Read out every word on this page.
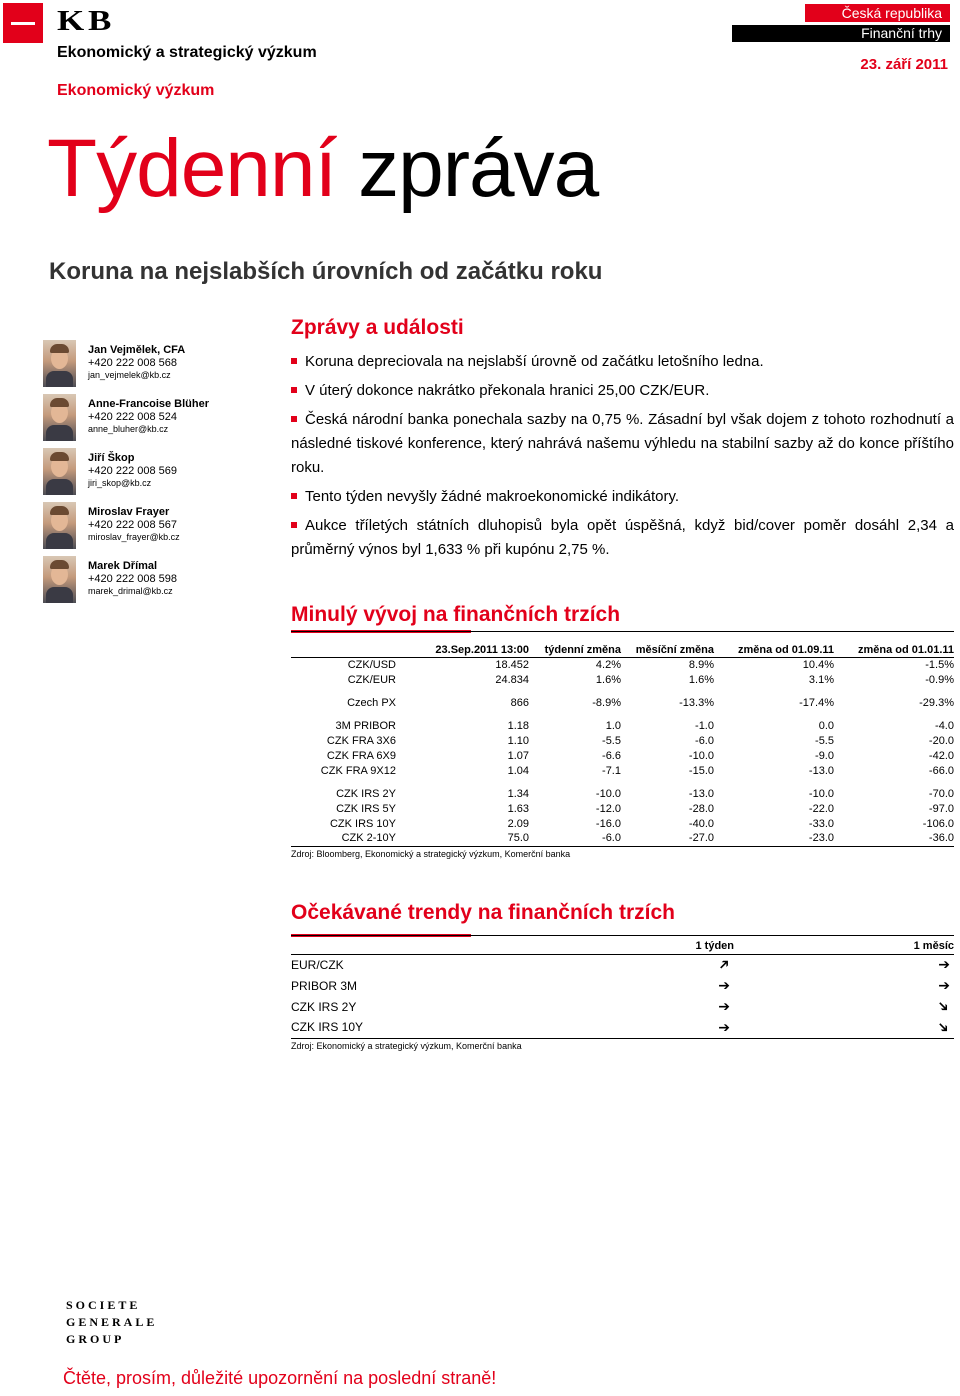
KB
Ekonomický a strategický výzkum
Česká republika
Finanční trhy
23. září 2011
Ekonomický výzkum
Týdenní zpráva
Koruna na nejslabších úrovních od začátku roku
Jan Vejmělek, CFA
+420 222 008 568
jan_vejmelek@kb.cz
Anne-Francoise Blüher
+420 222 008 524
anne_bluher@kb.cz
Jiří Škop
+420 222 008 569
jiri_skop@kb.cz
Miroslav Frayer
+420 222 008 567
miroslav_frayer@kb.cz
Marek Dřímal
+420 222 008 598
marek_drimal@kb.cz
Zprávy a události
Koruna depreciovala na nejslabší úrovně od začátku letošního ledna.
V úterý dokonce nakrátko překonala hranici 25,00 CZK/EUR.
Česká národní banka ponechala sazby na 0,75 %. Zásadní byl však dojem z tohoto rozhodnutí a následné tiskové konference, který nahrává našemu výhledu na stabilní sazby až do konce příštího roku.
Tento týden nevyšly žádné makroekonomické indikátory.
Aukce tříletých státních dluhopisů byla opět úspěšná, když bid/cover poměr dosáhl 2,34 a průměrný výnos byl 1,633 % při kupónu 2,75 %.
Minulý vývoj na finančních trzích
	23.Sep.2011 13:00	týdenní změna	měsíční změna	změna od 01.09.11	změna od 01.01.11
CZK/USD	18.452	4.2%	8.9%	10.4%	-1.5%
CZK/EUR	24.834	1.6%	1.6%	3.1%	-0.9%

Czech PX	866	-8.9%	-13.3%	-17.4%	-29.3%

3M PRIBOR	1.18	1.0	-1.0	0.0	-4.0
CZK FRA 3X6	1.10	-5.5	-6.0	-5.5	-20.0
CZK FRA 6X9	1.07	-6.6	-10.0	-9.0	-42.0
CZK FRA 9X12	1.04	-7.1	-15.0	-13.0	-66.0

CZK IRS 2Y	1.34	-10.0	-13.0	-10.0	-70.0
CZK IRS 5Y	1.63	-12.0	-28.0	-22.0	-97.0
CZK IRS 10Y	2.09	-16.0	-40.0	-33.0	-106.0
CZK 2-10Y	75.0	-6.0	-27.0	-23.0	-36.0
Zdroj: Bloomberg, Ekonomický a strategický výzkum, Komerční banka
Očekávané trendy na finančních trzích
	1 týden	1 měsíc
EUR/CZK	➔	➔
PRIBOR 3M	➔	➔
CZK IRS 2Y	➔	➔
CZK IRS 10Y	➔	➔
Zdroj: Ekonomický a strategický výzkum, Komerční banka
SOCIETE
GENERALE
GROUP
Čtěte, prosím, důležité upozornění na poslední straně!
